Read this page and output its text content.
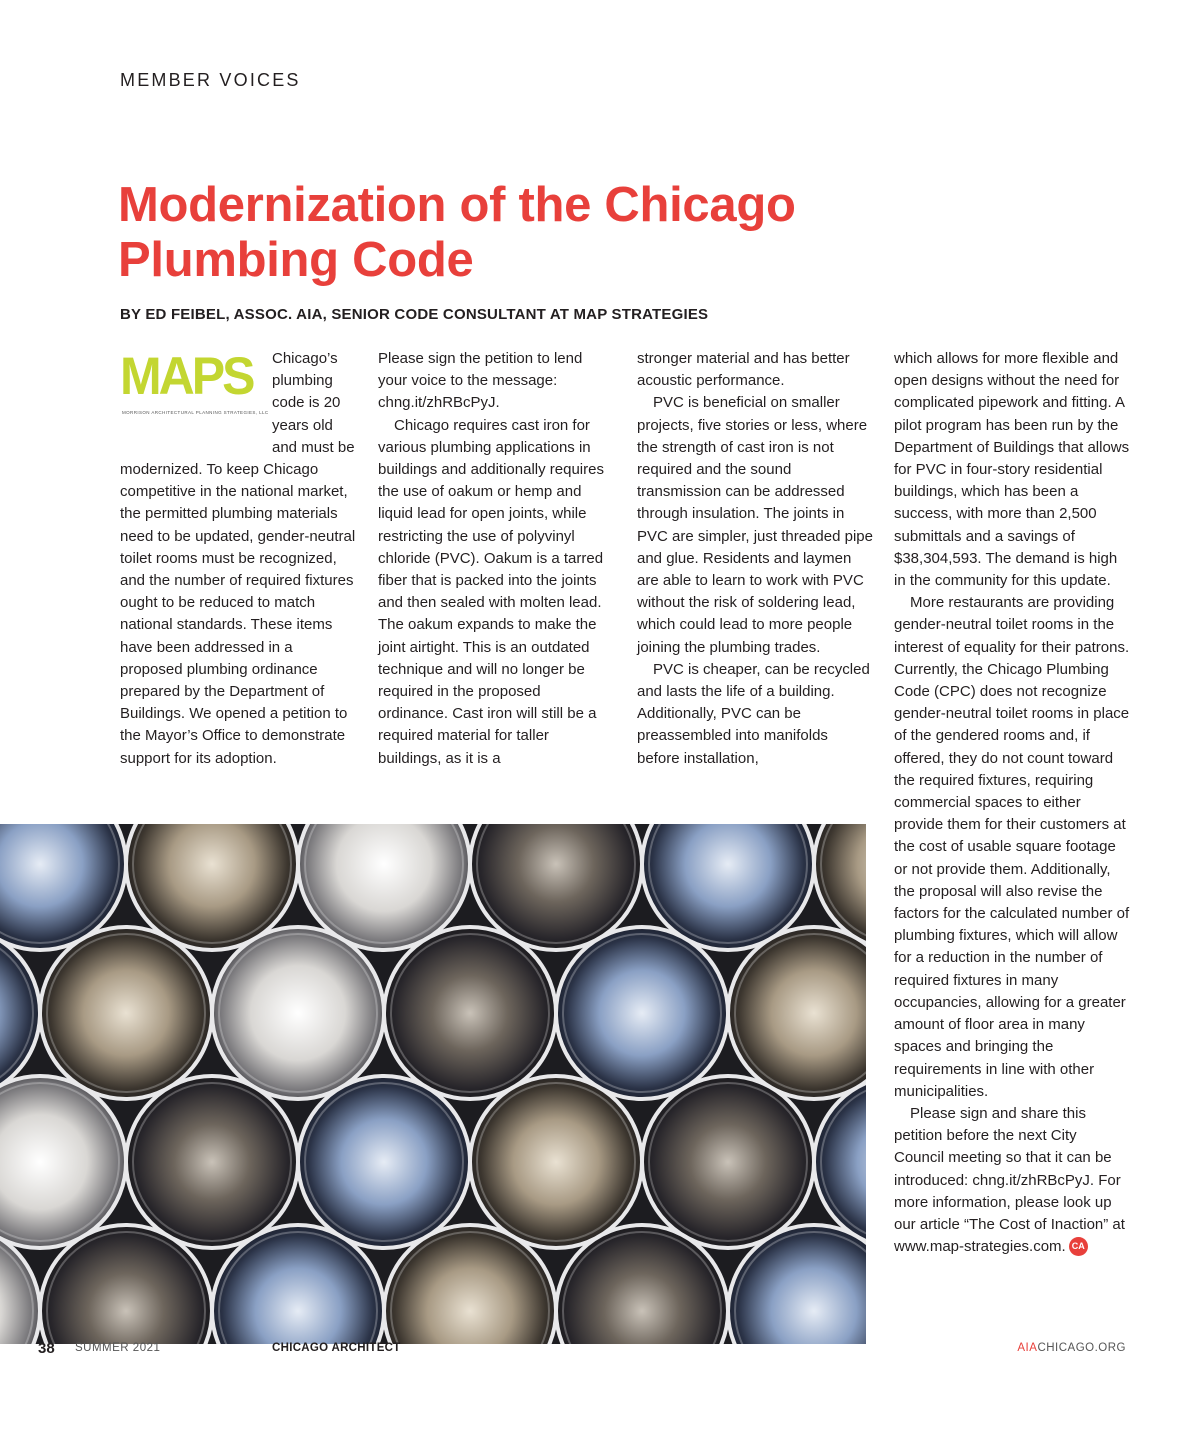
MEMBER VOICES
Modernization of the Chicago Plumbing Code
BY ED FEIBEL, ASSOC. AIA, SENIOR CODE CONSULTANT AT MAP STRATEGIES
MAPS
MORRISON ARCHITECTURAL PLANNING STRATEGIES, LLC

Chicago’s plumbing code is 20 years old and must be modernized. To keep Chicago competitive in the national market, the permitted plumbing materials need to be updated, gender-neutral toilet rooms must be recognized, and the number of required fixtures ought to be reduced to match national standards. These items have been addressed in a proposed plumbing ordinance prepared by the Department of Buildings. We opened a petition to the Mayor’s Office to demonstrate support for its adoption.

Please sign the petition to lend your voice to the message: chng.it/zhRBcPyJ.

Chicago requires cast iron for various plumbing applications in buildings and additionally requires the use of oakum or hemp and liquid lead for open joints, while restricting the use of polyvinyl chloride (PVC). Oakum is a tarred fiber that is packed into the joints and then sealed with molten lead. The oakum expands to make the joint airtight. This is an outdated technique and will no longer be required in the proposed ordinance. Cast iron will still be a required material for taller buildings, as it is a

stronger material and has better acoustic performance.

PVC is beneficial on smaller projects, five stories or less, where the strength of cast iron is not required and the sound transmission can be addressed through insulation. The joints in PVC are simpler, just threaded pipe and glue. Residents and laymen are able to learn to work with PVC without the risk of soldering lead, which could lead to more people joining the plumbing trades.

PVC is cheaper, can be recycled and lasts the life of a building. Additionally, PVC can be preassembled into manifolds before installation,

which allows for more flexible and open designs without the need for complicated pipework and fitting. A pilot program has been run by the Department of Buildings that allows for PVC in four-story residential buildings, which has been a success, with more than 2,500 submittals and a savings of $38,304,593. The demand is high in the community for this update.

More restaurants are providing gender-neutral toilet rooms in the interest of equality for their patrons. Currently, the Chicago Plumbing Code (CPC) does not recognize gender-neutral toilet rooms in place of the gendered rooms and, if offered, they do not count toward the required fixtures, requiring commercial spaces to either provide them for their customers at the cost of usable square footage or not provide them. Additionally, the proposal will also revise the factors for the calculated number of plumbing fixtures, which will allow for a reduction in the number of required fixtures in many occupancies, allowing for a greater amount of floor area in many spaces and bringing the requirements in line with other municipalities.

Please sign and share this petition before the next City Council meeting so that it can be introduced: chng.it/zhRBcPyJ. For more information, please look up our article “The Cost of Inaction” at www.map-strategies.com. CA

38 SUMMER 2021	CHICAGO ARCHITECT	AIACHICAGO.ORG
